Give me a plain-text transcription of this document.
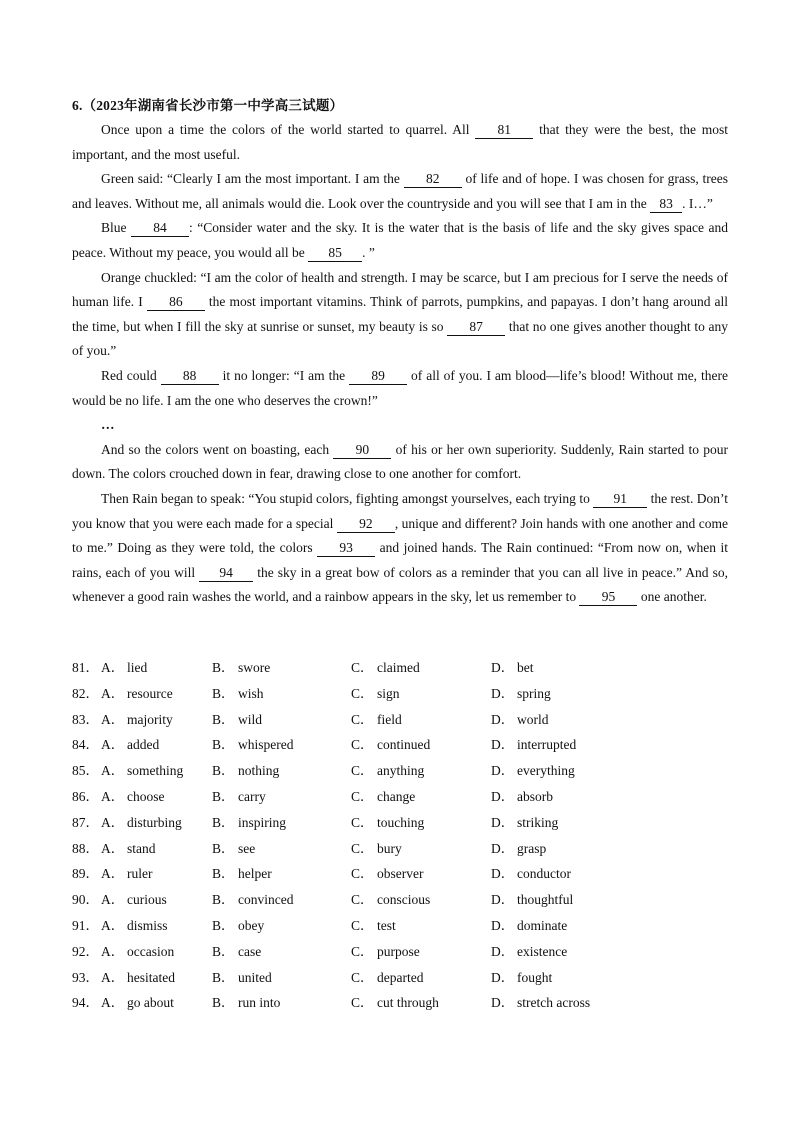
6.（2023年湖南省长沙市第一中学高三试题）

Once upon a time the colors of the world started to quarrel. All 81 that they were the best, the most important, and the most useful.

Green said: “Clearly I am the most important. I am the 82 of life and of hope. I was chosen for grass, trees and leaves. Without me, all animals would die. Look over the countryside and you will see that I am in the 83 . I…”

Blue 84 : “Consider water and the sky. It is the water that is the basis of life and the sky gives space and peace. Without my peace, you would all be 85 . ”

Orange chuckled: “I am the color of health and strength. I may be scarce, but I am precious for I serve the needs of human life. I 86 the most important vitamins. Think of parrots, pumpkins, and papayas. I don’t hang around all the time, but when I fill the sky at sunrise or sunset, my beauty is so 87 that no one gives another thought to any of you.”

Red could 88 it no longer: “I am the 89 of all of you. I am blood—life’s blood! Without me, there would be no life. I am the one who deserves the crown!”

…

And so the colors went on boasting, each 90 of his or her own superiority. Suddenly, Rain started to pour down. The colors crouched down in fear, drawing close to one another for comfort.

Then Rain began to speak: “You stupid colors, fighting amongst yourselves, each trying to 91 the rest. Don’t you know that you were each made for a special 92 , unique and different? Join hands with one another and come to me.” Doing as they were told, the colors 93 and joined hands. The Rain continued: “From now on, when it rains, each of you will 94 the sky in a great bow of colors as a reminder that you can all live in peace.” And so, whenever a good rain washes the world, and a rainbow appears in the sky, let us remember to 95 one another.

81． A． lied	B． swore	C． claimed	D． bet
82． A． resource	B． wish	C． sign	D． spring
83． A． majority	B． wild	C． field	D． world
84． A． added	B． whispered	C． continued	D． interrupted
85． A． something B． nothing	C． anything	D． everything
86． A． choose	B． carry	C． change	D． absorb
87． A． disturbing B． inspiring	C． touching	D． striking
88． A． stand	B． see	C． bury	D． grasp
89． A． ruler	B． helper	C． observer	D． conductor
90． A． curious	B． convinced	C． conscious	D． thoughtful
91． A． dismiss	B． obey	C． test	D． dominate
92． A． occasion	B． case	C． purpose	D． existence
93． A． hesitated	B． united	C． departed	D． fought
94． A． go about	B． run into	C． cut through	D． stretch across
